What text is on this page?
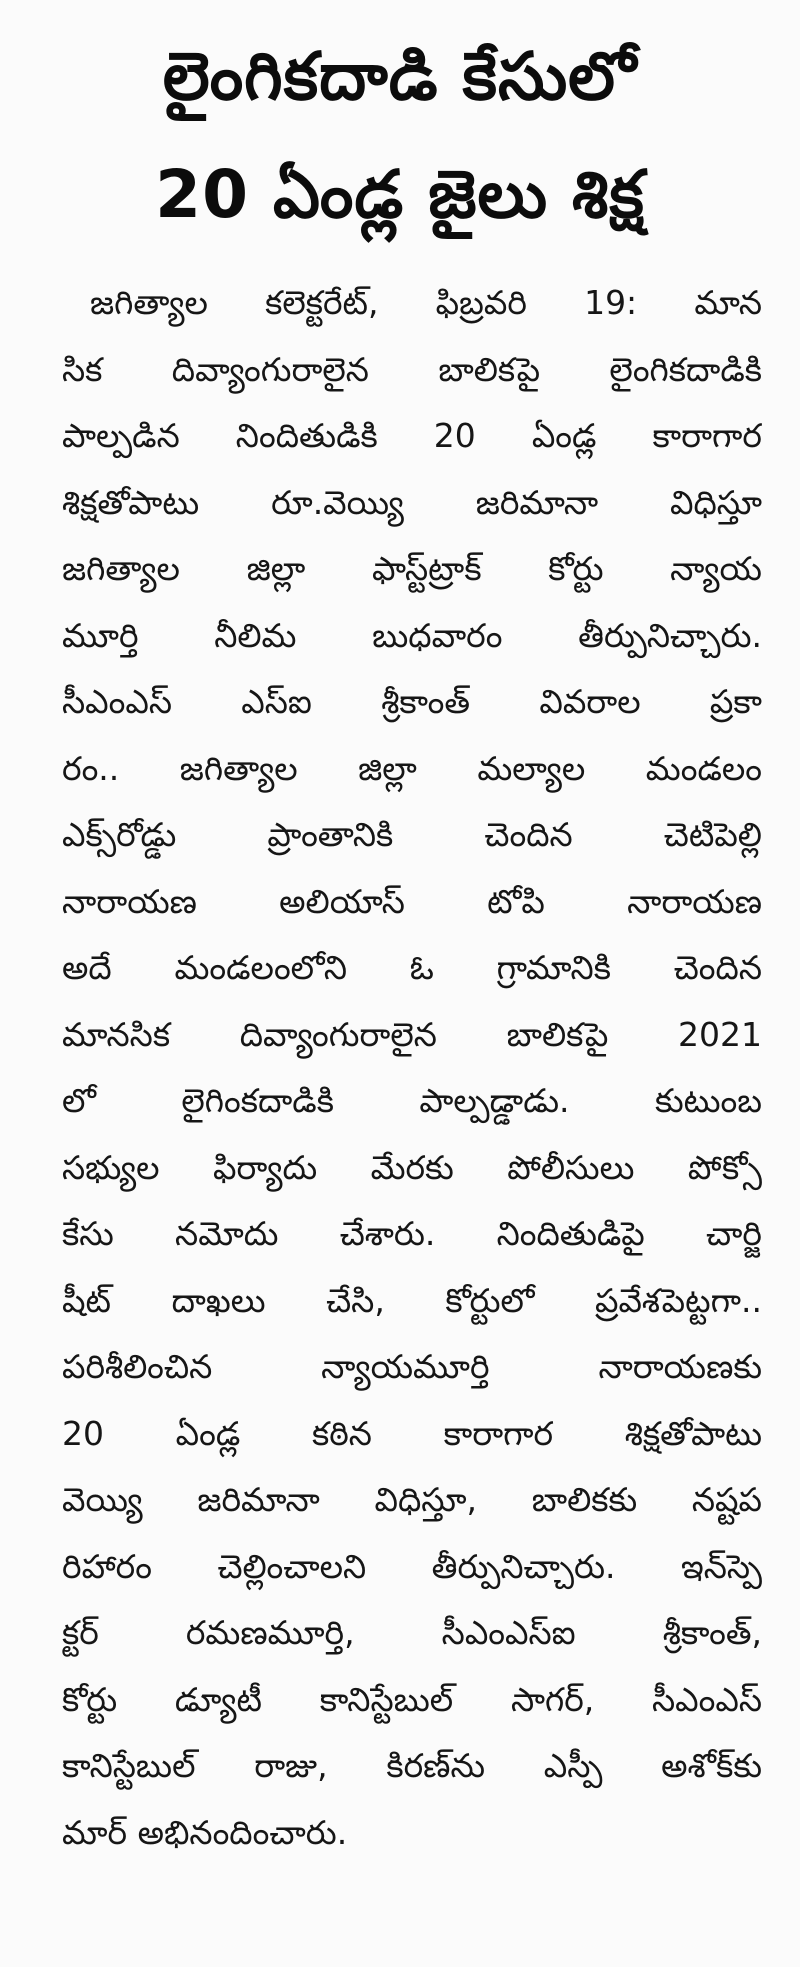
లైంగికదాడి కేసులో
20 ఏండ్ల జైలు శిక్ష
జగిత్యాల కలెక్టరేట్, ఫిబ్రవరి 19: మాన
సిక దివ్యాంగురాలైన బాలికపై లైంగికదాడికి
పాల్పడిన నిందితుడికి 20 ఏండ్ల కారాగార
శిక్షతోపాటు రూ.వెయ్యి జరిమానా విధిస్తూ
జగిత్యాల జిల్లా ఫాస్ట్‌ట్రాక్ కోర్టు న్యాయ
మూర్తి నీలిమ బుధవారం తీర్పునిచ్చారు.
సీఎంఎస్ ఎస్ఐ శ్రీకాంత్ వివరాల ప్రకా
రం.. జగిత్యాల జిల్లా మల్యాల మండలం
ఎక్స్‌రోడ్డు ప్రాంతానికి చెందిన చెటిపెల్లి
నారాయణ అలియాస్ టోపి నారాయణ
అదే మండలంలోని ఓ గ్రామానికి చెందిన
మానసిక దివ్యాంగురాలైన బాలికపై 2021
లో లైగింకదాడికి పాల్పడ్డాడు. కుటుంబ
సభ్యుల ఫిర్యాదు మేరకు పోలీసులు పోక్సో
కేసు నమోదు చేశారు. నిందితుడిపై చార్జి
షీట్ దాఖలు చేసి, కోర్టులో ప్రవేశపెట్టగా..
పరిశీలించిన న్యాయమూర్తి నారాయణకు
20 ఏండ్ల కఠిన కారాగార శిక్షతోపాటు
వెయ్యి జరిమానా విధిస్తూ, బాలికకు నష్టప
రిహారం చెల్లించాలని తీర్పునిచ్చారు. ఇన్‌స్పె
క్టర్ రమణమూర్తి, సీఎంఎస్ఐ శ్రీకాంత్,
కోర్టు డ్యూటీ కానిస్టేబుల్ సాగర్, సీఎంఎస్
కానిస్టేబుల్ రాజు, కిరణ్‌ను ఎస్పీ అశోక్‌కు
మార్ అభినందించారు.
